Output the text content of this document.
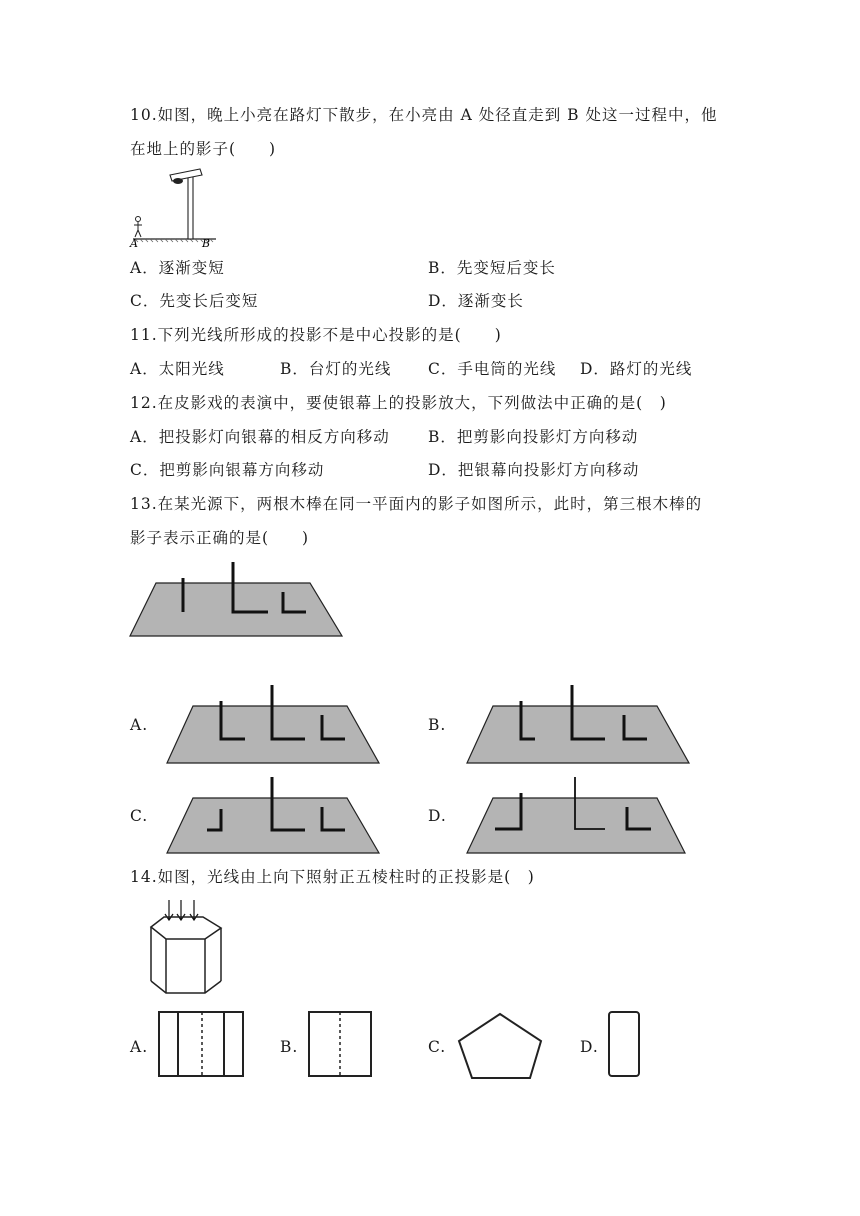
10.如图，晚上小亮在路灯下散步，在小亮由 A 处径直走到 B 处这一过程中，他
在地上的影子(　　)
A	B
A．逐渐变短	B．先变短后变长
C．先变长后变短	D．逐渐变长
11.下列光线所形成的投影不是中心投影的是(　　)
A．太阳光线	B．台灯的光线 C．手电筒的光线 D．路灯的光线
12.在皮影戏的表演中，要使银幕上的投影放大，下列做法中正确的是(　)
A．把投影灯向银幕的相反方向移动 B．把剪影向投影灯方向移动
C．把剪影向银幕方向移动	D．把银幕向投影灯方向移动
13.在某光源下，两根木棒在同一平面内的影子如图所示，此时，第三根木棒的
影子表示正确的是(　　)
A.	B.
C.	D.
14.如图，光线由上向下照射正五棱柱时的正投影是(　)
A.	B.	C.	D.
